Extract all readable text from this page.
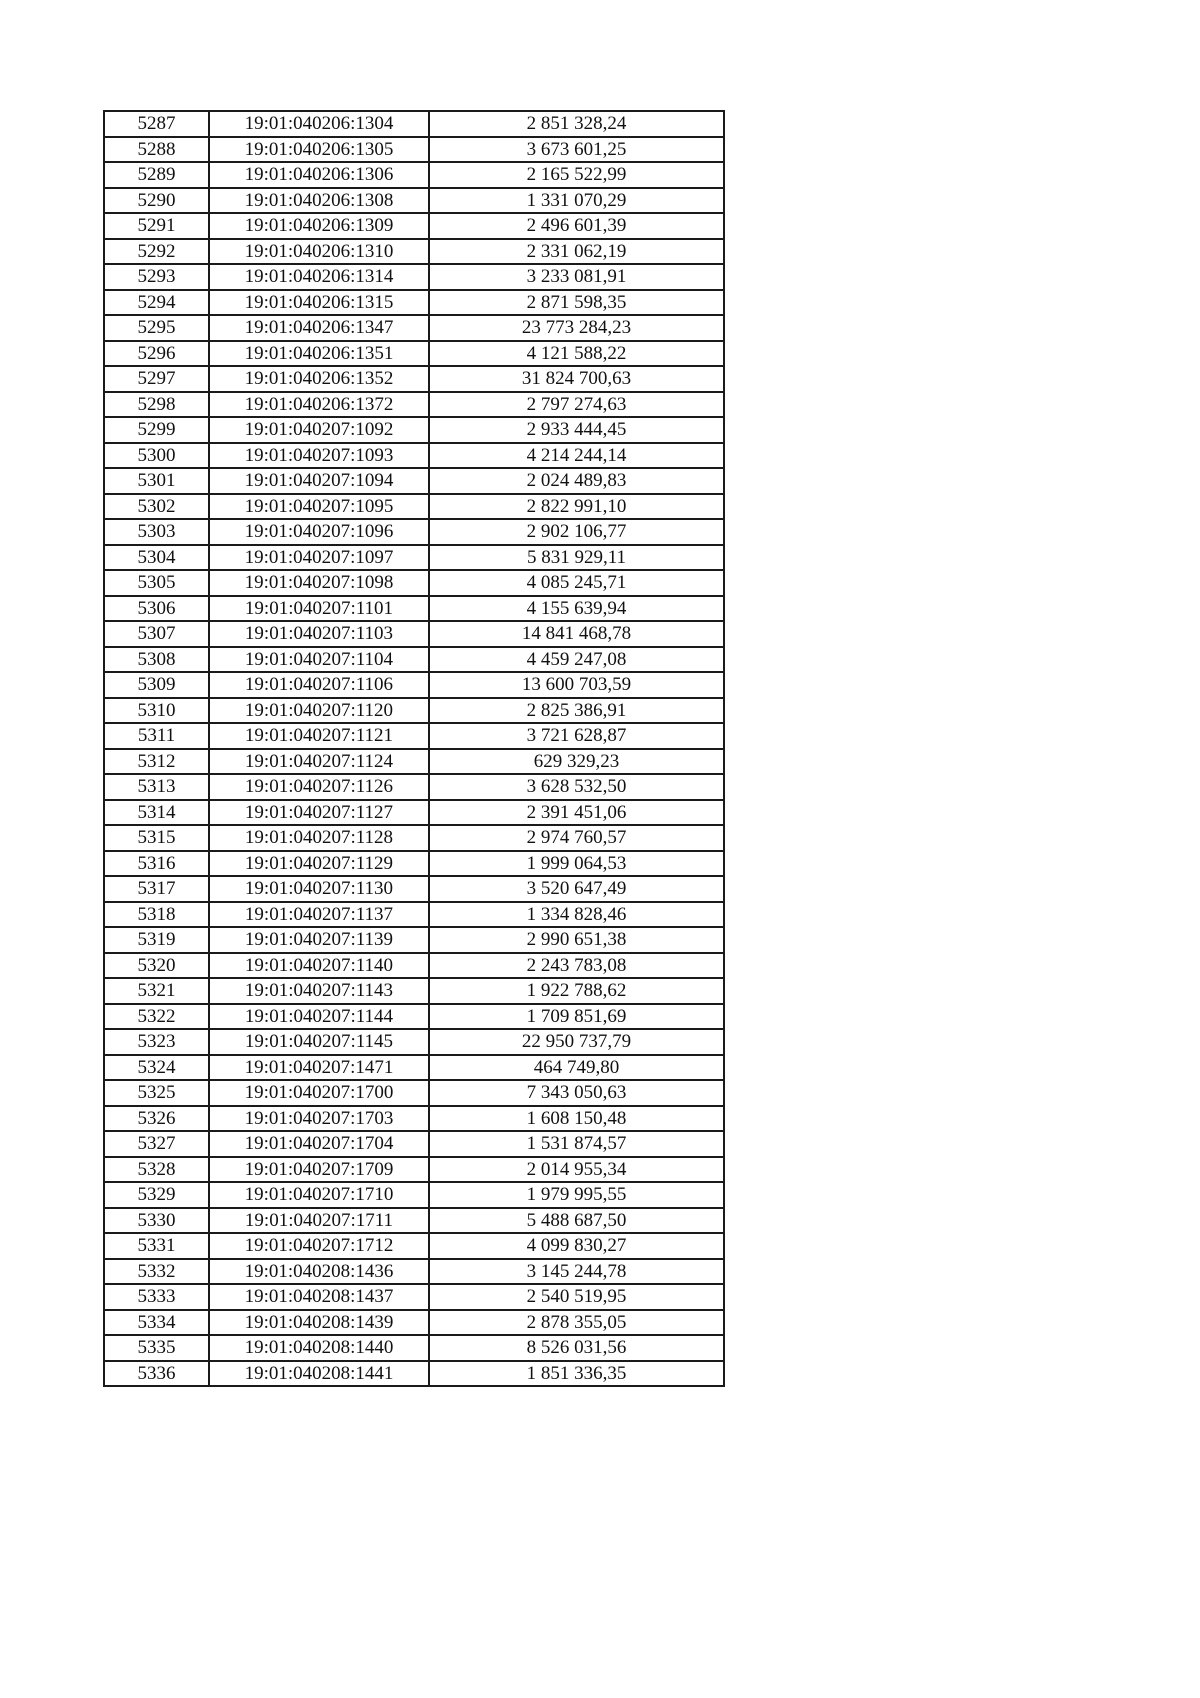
5287	19:01:040206:1304	2 851 328,24
5288	19:01:040206:1305	3 673 601,25
5289	19:01:040206:1306	2 165 522,99
5290	19:01:040206:1308	1 331 070,29
5291	19:01:040206:1309	2 496 601,39
5292	19:01:040206:1310	2 331 062,19
5293	19:01:040206:1314	3 233 081,91
5294	19:01:040206:1315	2 871 598,35
5295	19:01:040206:1347	23 773 284,23
5296	19:01:040206:1351	4 121 588,22
5297	19:01:040206:1352	31 824 700,63
5298	19:01:040206:1372	2 797 274,63
5299	19:01:040207:1092	2 933 444,45
5300	19:01:040207:1093	4 214 244,14
5301	19:01:040207:1094	2 024 489,83
5302	19:01:040207:1095	2 822 991,10
5303	19:01:040207:1096	2 902 106,77
5304	19:01:040207:1097	5 831 929,11
5305	19:01:040207:1098	4 085 245,71
5306	19:01:040207:1101	4 155 639,94
5307	19:01:040207:1103	14 841 468,78
5308	19:01:040207:1104	4 459 247,08
5309	19:01:040207:1106	13 600 703,59
5310	19:01:040207:1120	2 825 386,91
5311	19:01:040207:1121	3 721 628,87
5312	19:01:040207:1124	629 329,23
5313	19:01:040207:1126	3 628 532,50
5314	19:01:040207:1127	2 391 451,06
5315	19:01:040207:1128	2 974 760,57
5316	19:01:040207:1129	1 999 064,53
5317	19:01:040207:1130	3 520 647,49
5318	19:01:040207:1137	1 334 828,46
5319	19:01:040207:1139	2 990 651,38
5320	19:01:040207:1140	2 243 783,08
5321	19:01:040207:1143	1 922 788,62
5322	19:01:040207:1144	1 709 851,69
5323	19:01:040207:1145	22 950 737,79
5324	19:01:040207:1471	464 749,80
5325	19:01:040207:1700	7 343 050,63
5326	19:01:040207:1703	1 608 150,48
5327	19:01:040207:1704	1 531 874,57
5328	19:01:040207:1709	2 014 955,34
5329	19:01:040207:1710	1 979 995,55
5330	19:01:040207:1711	5 488 687,50
5331	19:01:040207:1712	4 099 830,27
5332	19:01:040208:1436	3 145 244,78
5333	19:01:040208:1437	2 540 519,95
5334	19:01:040208:1439	2 878 355,05
5335	19:01:040208:1440	8 526 031,56
5336	19:01:040208:1441	1 851 336,35
